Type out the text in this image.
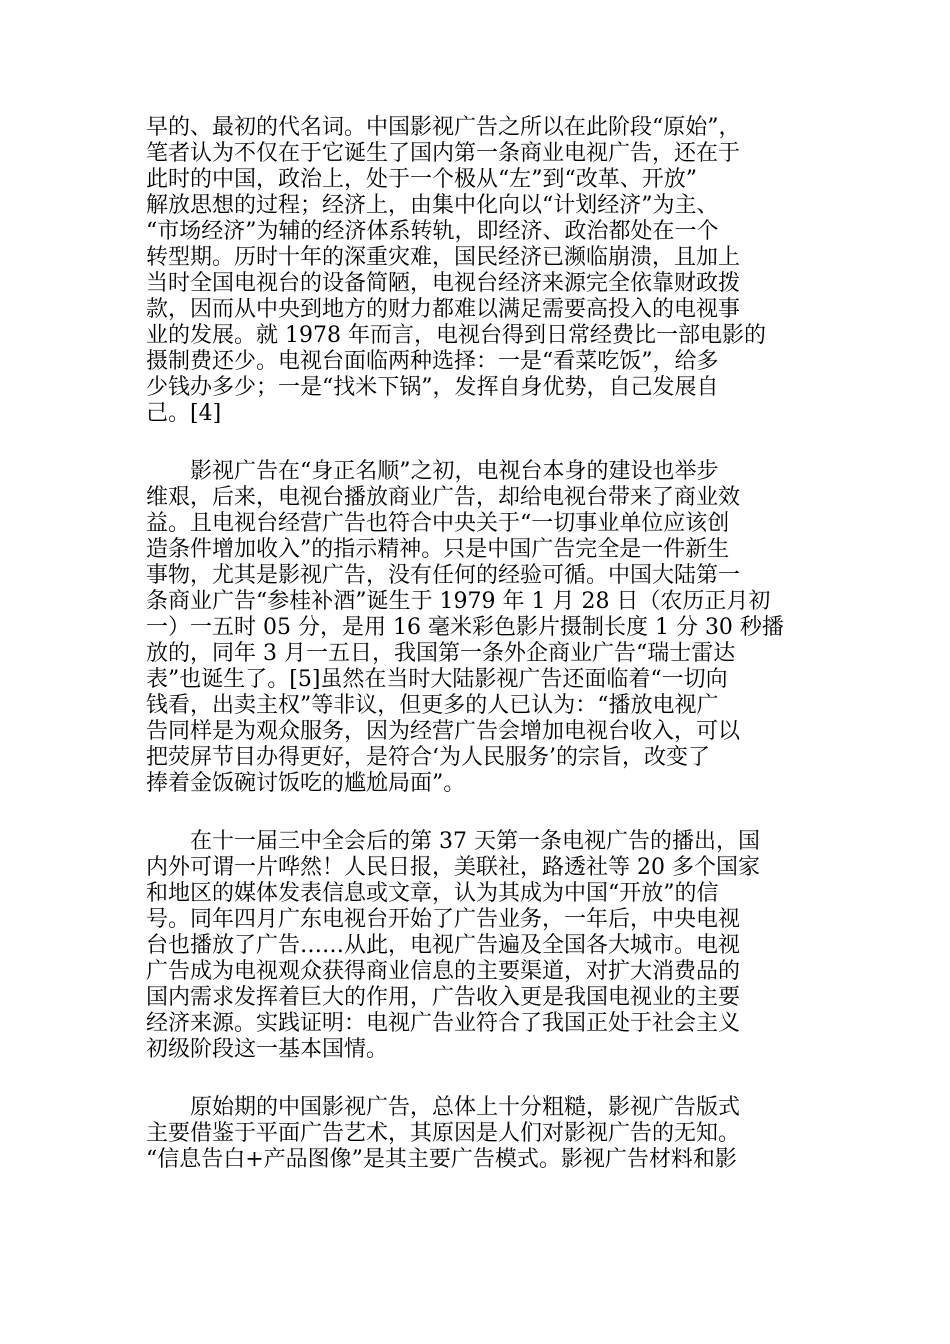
早的、最初的代名词。中国影视广告之所以在此阶段“原始”，
笔者认为不仅在于它诞生了国内第一条商业电视广告，还在于
此时的中国，政治上，处于一个极从“左”到“改革、开放”
解放思想的过程；经济上，由集中化向以“计划经济”为主、
“市场经济”为辅的经济体系转轨，即经济、政治都处在一个
转型期。历时十年的深重灾难，国民经济已濒临崩溃，且加上
当时全国电视台的设备简陋，电视台经济来源完全依靠财政拨
款，因而从中央到地方的财力都难以满足需要高投入的电视事
业的发展。就 1978 年而言，电视台得到日常经费比一部电影的
摄制费还少。电视台面临两种选择：一是“看菜吃饭”，给多
少钱办多少；一是“找米下锅”，发挥自身优势，自己发展自
己。[4]

影视广告在“身正名顺”之初，电视台本身的建设也举步
维艰，后来，电视台播放商业广告，却给电视台带来了商业效
益。且电视台经营广告也符合中央关于“一切事业单位应该创
造条件增加收入”的指示精神。只是中国广告完全是一件新生
事物，尤其是影视广告，没有任何的经验可循。中国大陆第一
条商业广告“参桂补酒”诞生于 1979 年 1 月 28 日（农历正月初
一）一五时 05 分，是用 16 毫米彩色影片摄制长度 1 分 30 秒播
放的，同年 3 月一五日，我国第一条外企商业广告“瑞士雷达
表”也诞生了。[5]虽然在当时大陆影视广告还面临着“一切向
钱看，出卖主权”等非议，但更多的人已认为：“播放电视广
告同样是为观众服务，因为经营广告会增加电视台收入，可以
把荧屏节目办得更好，是符合‘为人民服务’的宗旨，改变了
捧着金饭碗讨饭吃的尴尬局面”。

在十一届三中全会后的第 37 天第一条电视广告的播出，国
内外可谓一片哗然！人民日报，美联社，路透社等 20 多个国家
和地区的媒体发表信息或文章，认为其成为中国“开放”的信
号。同年四月广东电视台开始了广告业务，一年后，中央电视
台也播放了广告……从此，电视广告遍及全国各大城市。电视
广告成为电视观众获得商业信息的主要渠道，对扩大消费品的
国内需求发挥着巨大的作用，广告收入更是我国电视业的主要
经济来源。实践证明：电视广告业符合了我国正处于社会主义
初级阶段这一基本国情。

原始期的中国影视广告，总体上十分粗糙，影视广告版式
主要借鉴于平面广告艺术，其原因是人们对影视广告的无知。
“信息告白+产品图像”是其主要广告模式。影视广告材料和影
